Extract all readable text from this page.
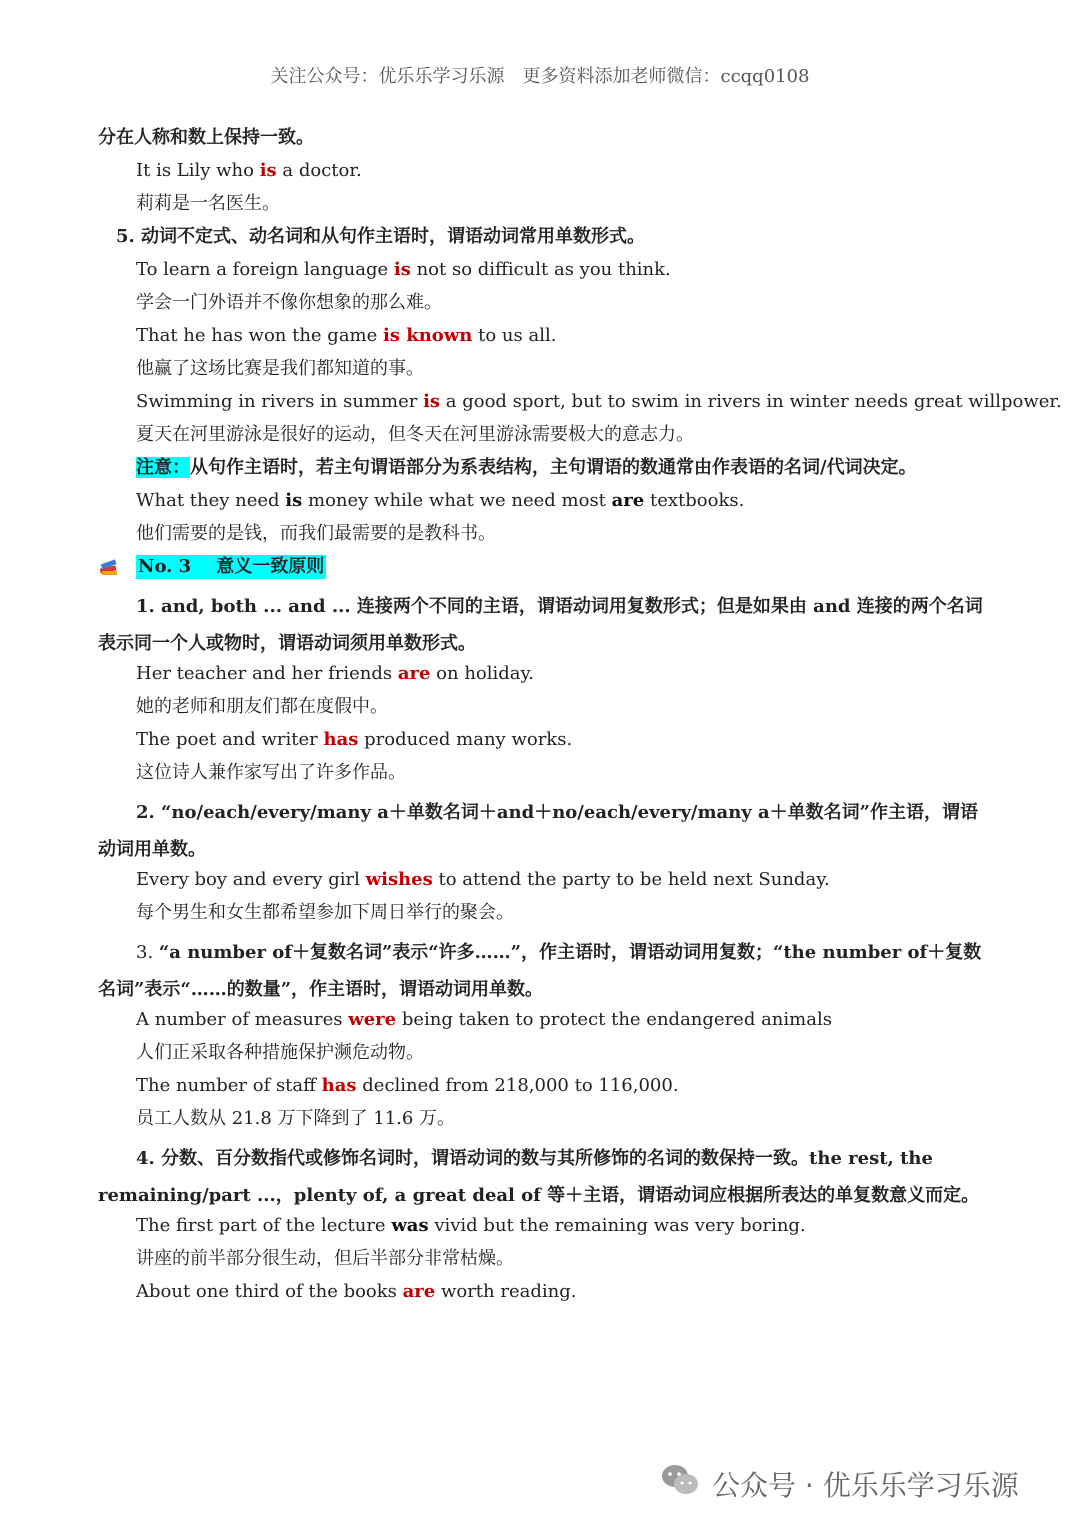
关注公众号：优乐乐学习乐源　更多资料添加老师微信：ccqq0108

分在人称和数上保持一致。

It is Lily who is a doctor.

莉莉是一名医生。

5. 动词不定式、动名词和从句作主语时，谓语动词常用单数形式。

To learn a foreign language is not so difficult as you think.

学会一门外语并不像你想象的那么难。

That he has won the game is known to us all.

他赢了这场比赛是我们都知道的事。

Swimming in rivers in summer is a good sport, but to swim in rivers in winter needs great willpower.

夏天在河里游泳是很好的运动，但冬天在河里游泳需要极大的意志力。

注意：从句作主语时，若主句谓语部分为系表结构，主句谓语的数通常由作表语的名词/代词决定。

What they need is money while what we need most are textbooks.

他们需要的是钱，而我们最需要的是教科书。

No. 3 意义一致原则

1. and, both ... and ... 连接两个不同的主语，谓语动词用复数形式；但是如果由 and 连接的两个名词表示同一个人或物时，谓语动词须用单数形式。

Her teacher and her friends are on holiday.

她的老师和朋友们都在度假中。

The poet and writer has produced many works.

这位诗人兼作家写出了许多作品。

2. “no/each/every/many a＋单数名词＋and＋no/each/every/many a＋单数名词”作主语，谓语动词用单数。

Every boy and every girl wishes to attend the party to be held next Sunday.

每个男生和女生都希望参加下周日举行的聚会。

3. “a number of＋复数名词”表示“许多……”，作主语时，谓语动词用复数；“the number of＋复数名词”表示“……的数量”，作主语时，谓语动词用单数。

A number of measures were being taken to protect the endangered animals

人们正采取各种措施保护濒危动物。

The number of staff has declined from 218,000 to 116,000.

员工人数从 21.8 万下降到了 11.6 万。

4. 分数、百分数指代或修饰名词时，谓语动词的数与其所修饰的名词的数保持一致。the rest, the remaining/part ...，plenty of, a great deal of 等＋主语，谓语动词应根据所表达的单复数意义而定。

The first part of the lecture was vivid but the remaining was very boring.

讲座的前半部分很生动，但后半部分非常枯燥。

About one third of the books are worth reading.

公众号 · 优乐乐学习乐源
